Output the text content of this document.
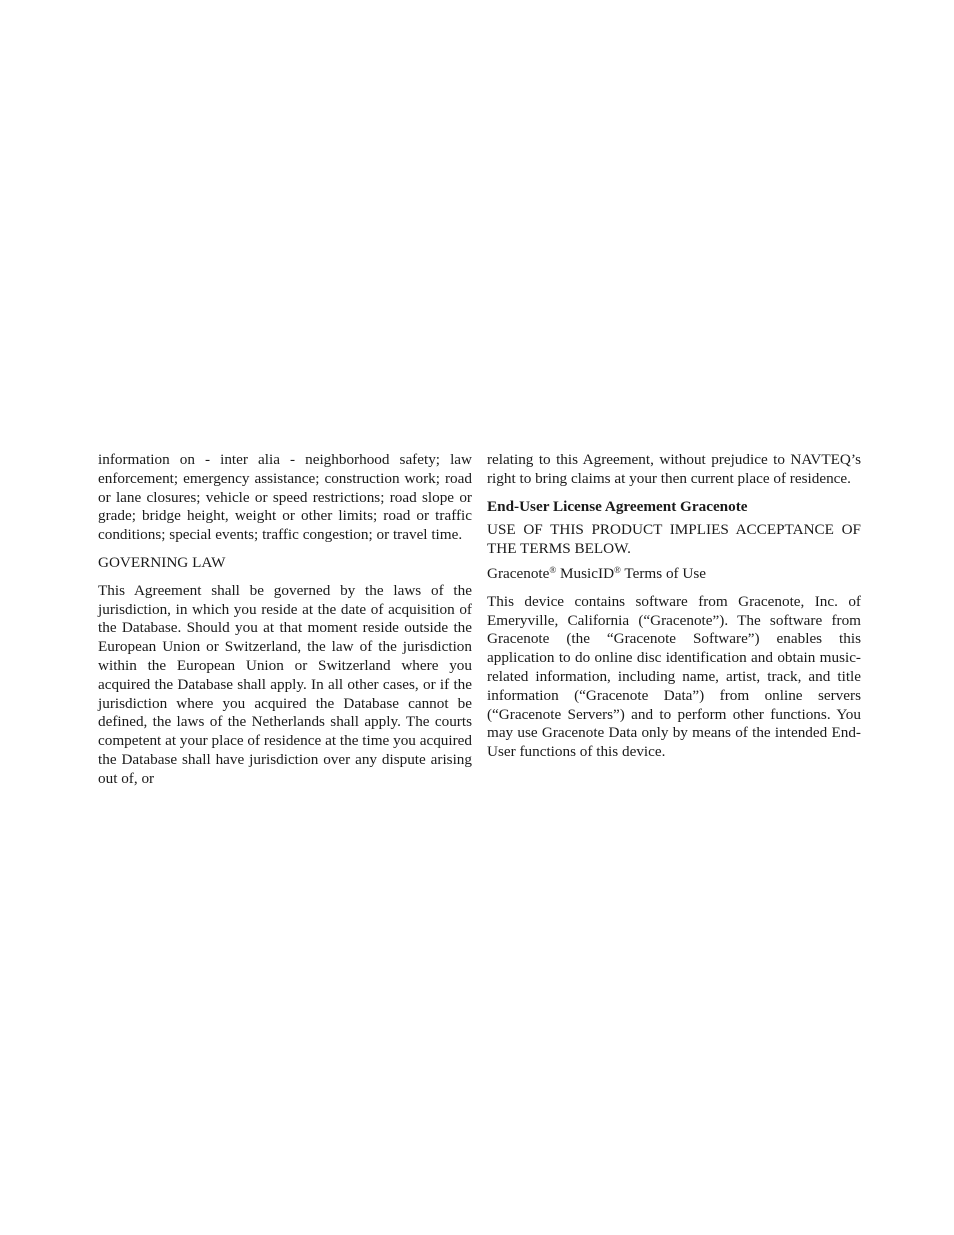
information on - inter alia - neighborhood safety; law enforcement; emergency assistance; construction work; road or lane closures; vehicle or speed restrictions; road slope or grade; bridge height, weight or other limits; road or traffic conditions; special events; traffic congestion; or travel time.

GOVERNING LAW

This Agreement shall be governed by the laws of the jurisdiction, in which you reside at the date of acquisition of the Database. Should you at that moment reside outside the European Union or Switzerland, the law of the jurisdiction within the European Union or Switzerland where you acquired the Database shall apply. In all other cases, or if the jurisdiction where you acquired the Database cannot be defined, the laws of the Netherlands shall apply. The courts competent at your place of residence at the time you acquired the Database shall have jurisdiction over any dispute arising out of, or

relating to this Agreement, without prejudice to NAVTEQ’s right to bring claims at your then current place of residence.

End-User License Agreement Gracenote

USE OF THIS PRODUCT IMPLIES ACCEPTANCE OF THE TERMS BELOW.

Gracenote® MusicID® Terms of Use

This device contains software from Gracenote, Inc. of Emeryville, California (“Gracenote”). The software from Gracenote (the “Gracenote Software”) enables this application to do online disc identification and obtain music-related information, including name, artist, track, and title information (“Gracenote Data”) from online servers (“Gracenote Servers”) and to perform other functions. You may use Gracenote Data only by means of the intended End-User functions of this device.
